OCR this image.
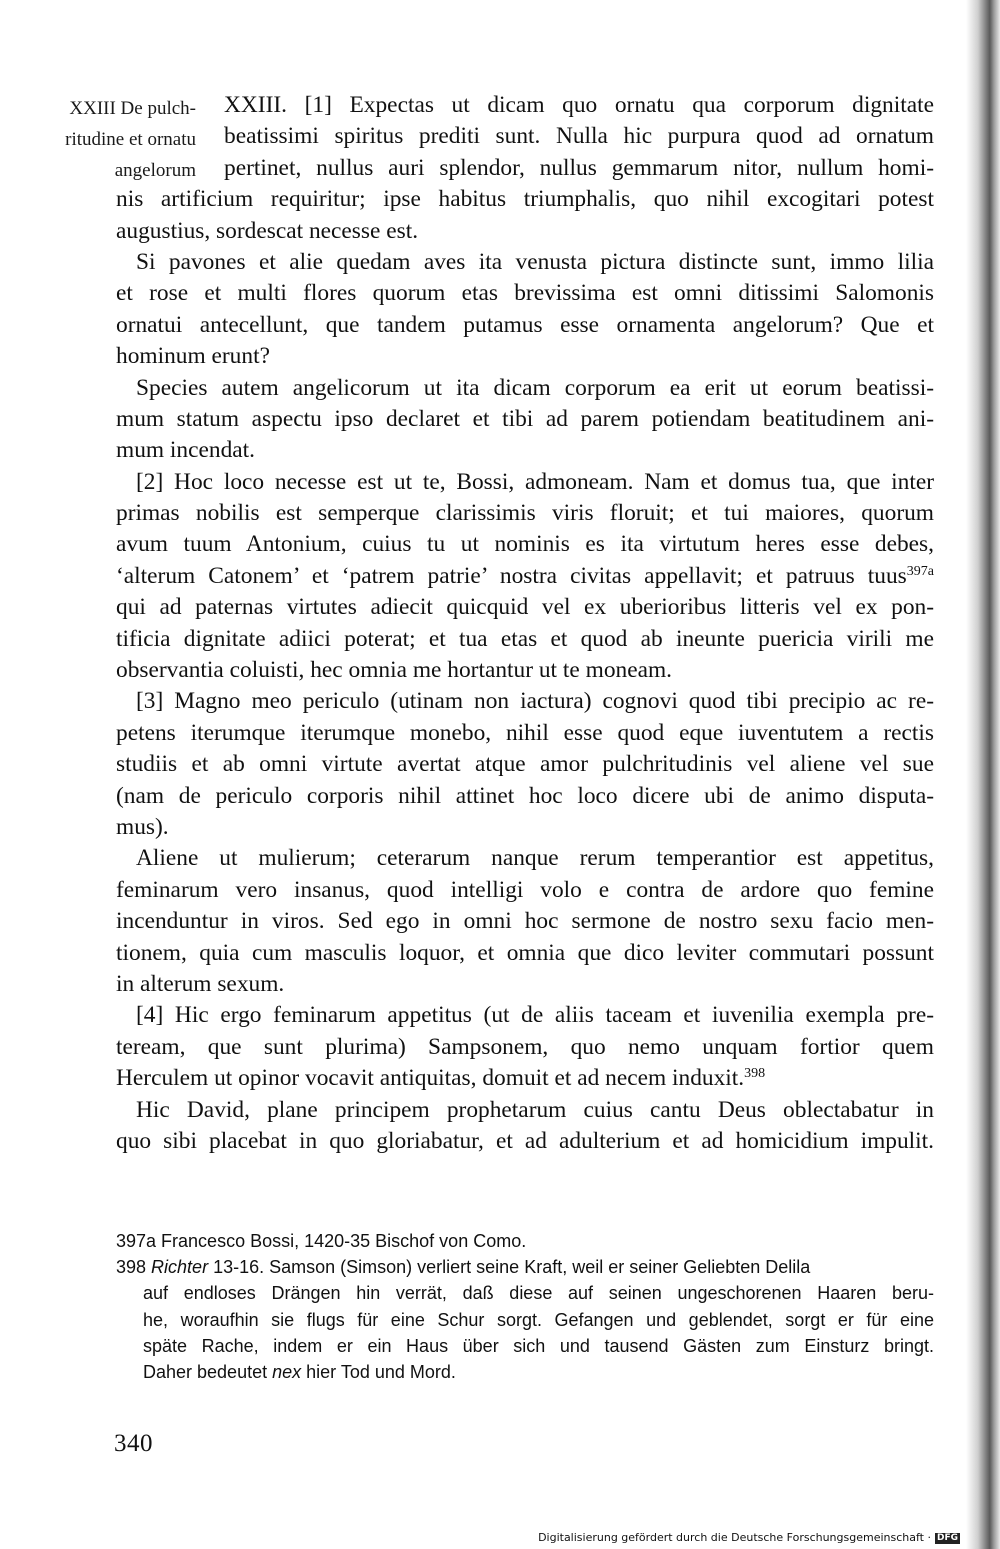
XXIII De pulch-
ritudine et ornatu
angelorum
XXIII. [1] Expectas ut dicam quo ornatu qua corporum dignitate
beatissimi spiritus prediti sunt. Nulla hic purpura quod ad ornatum
pertinet, nullus auri splendor, nullus gemmarum nitor, nullum homi-
nis artificium requiritur; ipse habitus triumphalis, quo nihil excogitari potest
augustius, sordescat necesse est.
Si pavones et alie quedam aves ita venusta pictura distincte sunt, immo lilia
et rose et multi flores quorum etas brevissima est omni ditissimi Salomonis
ornatui antecellunt, que tandem putamus esse ornamenta angelorum? Que et
hominum erunt?
Species autem angelicorum ut ita dicam corporum ea erit ut eorum beatissi-
mum statum aspectu ipso declaret et tibi ad parem potiendam beatitudinem ani-
mum incendat.
[2] Hoc loco necesse est ut te, Bossi, admoneam. Nam et domus tua, que inter
primas nobilis est semperque clarissimis viris floruit; et tui maiores, quorum
avum tuum Antonium, cuius tu ut nominis es ita virtutum heres esse debes,
‘alterum Catonem’ et ‘patrem patrie’ nostra civitas appellavit; et patruus tuus$^{397a}$
qui ad paternas virtutes adiecit quicquid vel ex uberioribus litteris vel ex pon-
tificia dignitate adiici poterat; et tua etas et quod ab ineunte puericia virili me
observantia coluisti, hec omnia me hortantur ut te moneam.
[3] Magno meo periculo (utinam non iactura) cognovi quod tibi precipio ac re-
petens iterumque iterumque monebo, nihil esse quod eque iuventutem a rectis
studiis et ab omni virtute avertat atque amor pulchritudinis vel aliene vel sue
(nam de periculo corporis nihil attinet hoc loco dicere ubi de animo disputa-
mus).
Aliene ut mulierum; ceterarum nanque rerum temperantior est appetitus,
feminarum vero insanus, quod intelligi volo e contra de ardore quo femine
incenduntur in viros. Sed ego in omni hoc sermone de nostro sexu facio men-
tionem, quia cum masculis loquor, et omnia que dico leviter commutari possunt
in alterum sexum.
[4] Hic ergo feminarum appetitus (ut de aliis taceam et iuvenilia exempla pre-
teream, que sunt plurima) Sampsonem, quo nemo unquam fortior quem
Herculem ut opinor vocavit antiquitas, domuit et ad necem induxit.$^{398}$
Hic David, plane principem prophetarum cuius cantu Deus oblectabatur in
quo sibi placebat in quo gloriabatur, et ad adulterium et ad homicidium impulit.
397a Francesco Bossi, 1420-35 Bischof von Como.
398 Richter 13-16. Samson (Simson) verliert seine Kraft, weil er seiner Geliebten Delila
auf endloses Drängen hin verrät, daß diese auf seinen ungeschorenen Haaren beru-
he, woraufhin sie flugs für eine Schur sorgt. Gefangen und geblendet, sorgt er für eine
späte Rache, indem er ein Haus über sich und tausend Gästen zum Einsturz bringt.
Daher bedeutet nex hier Tod und Mord.
340
Digitalisierung gefördert durch die Deutsche Forschungsgemeinschaft · DFG
